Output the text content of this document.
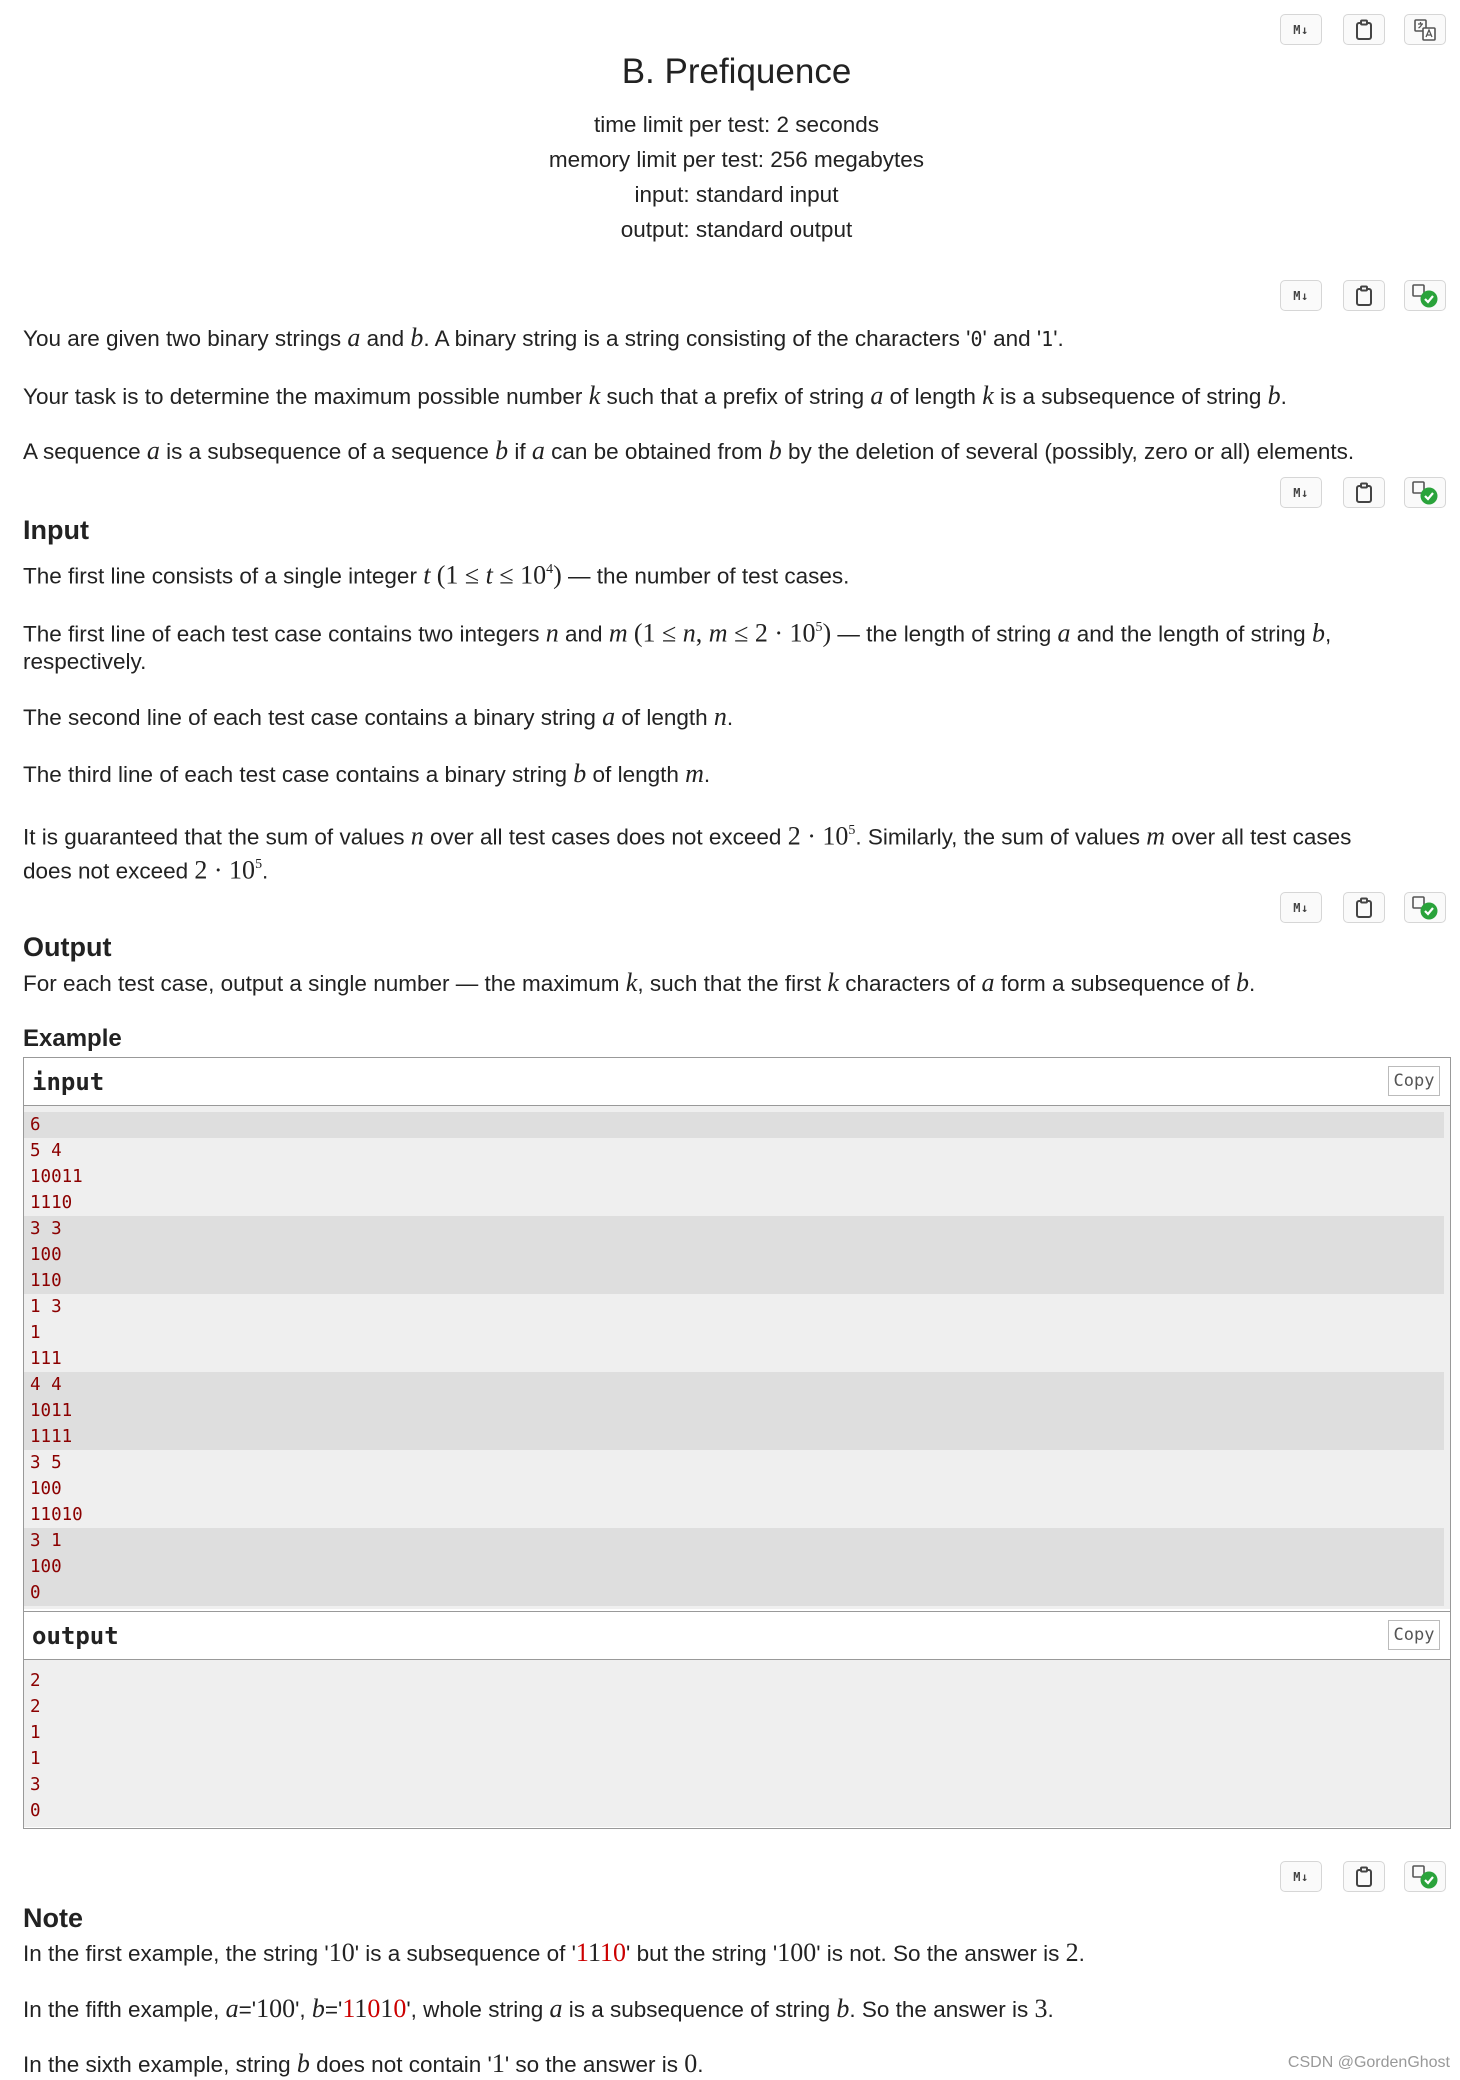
M↓
B. Prefiquence
time limit per test: 2 seconds
memory limit per test: 256 megabytes
input: standard input
output: standard output
M↓
You are given two binary strings a and b. A binary string is a string consisting of the characters '0' and '1'.
Your task is to determine the maximum possible number k such that a prefix of string a of length k is a subsequence of string b.
A sequence a is a subsequence of a sequence b if a can be obtained from b by the deletion of several (possibly, zero or all) elements.
M↓
Input
The first line consists of a single integer t $(1 \le t \le 10^4)$ — the number of test cases.
The first line of each test case contains two integers n and m (1 ≤ n, $m \le 2 \cdot 10^5$) — the length of string a and the length of string b,
respectively.
The second line of each test case contains a binary string a of length n.
The third line of each test case contains a binary string b of length m.
It is guaranteed that the sum of values n over all test cases does not exceed $2 \cdot 10^5$. Similarly, the sum of values m over all test cases
does not exceed $2 \cdot 10^5$.
M↓
Output
For each test case, output a single number — the maximum k, such that the first k characters of a form a subsequence of b.
Example
input	Copy
6
5 4
10011
1110
3 3
100
110
1 3
1
111
4 4
1011
1111
3 5
100
11010
3 1
100
0
output	Copy
2
2
1
1
3
0
M↓
Note
In the first example, the string '10' is a subsequence of '1110' but the string '100' is not. So the answer is 2.
In the fifth example, a='100', b='11010', whole string a is a subsequence of string b. So the answer is 3.
In the sixth example, string b does not contain '1' so the answer is 0.	CSDN @GordenGhost
